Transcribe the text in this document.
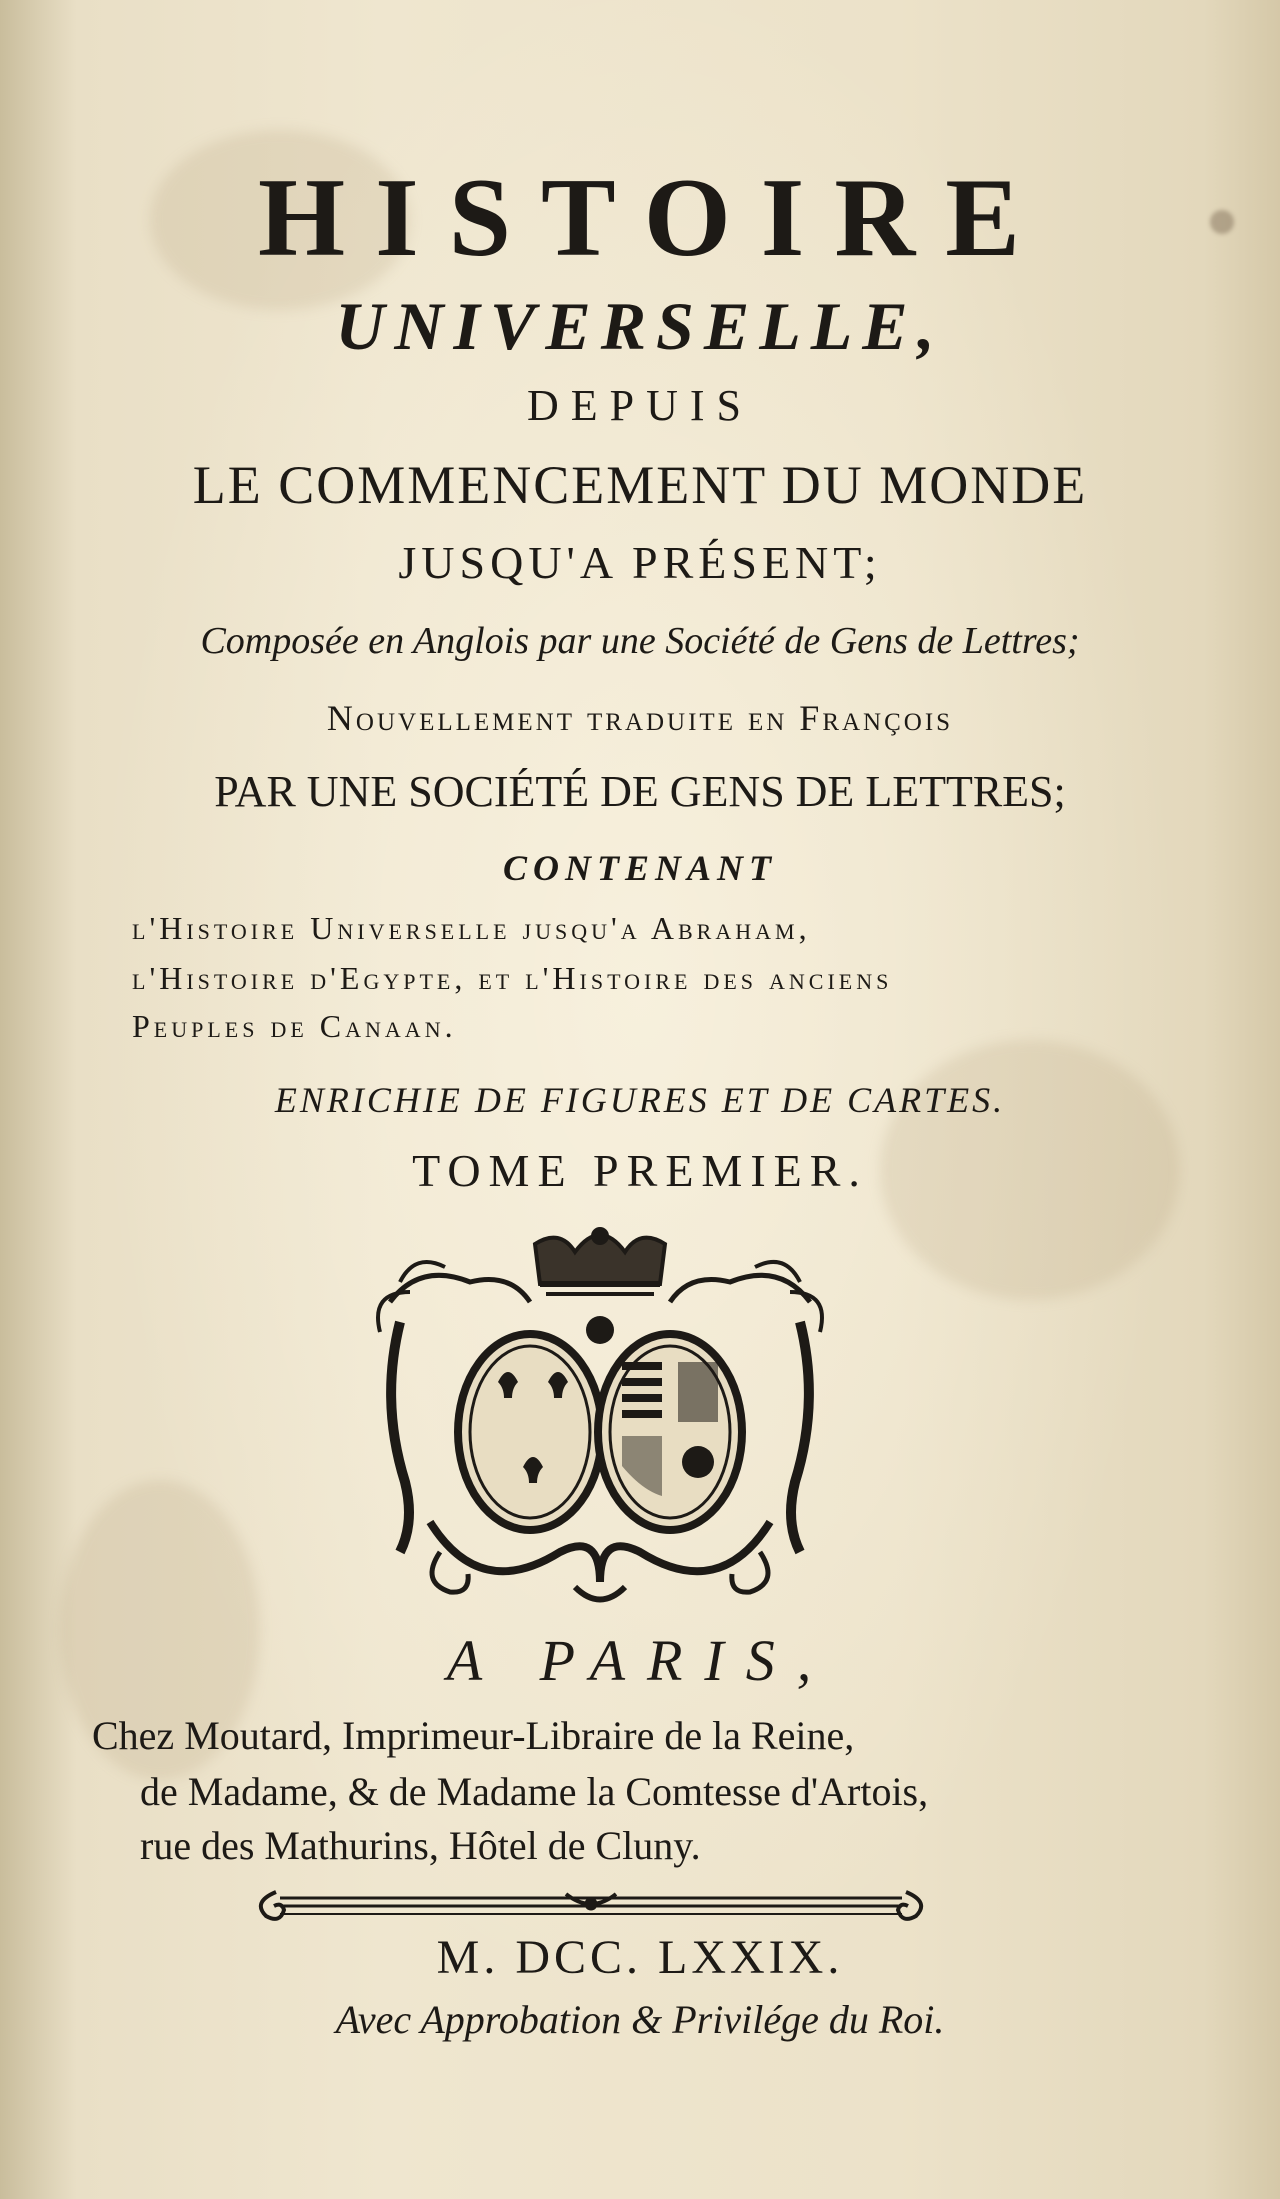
HISTOIRE
UNIVERSELLE,
DEPUIS
LE COMMENCEMENT DU MONDE
JUSQU'A PRÉSENT;
Composée en Anglois par une Société de Gens de Lettres;
Nouvellement traduite en François
PAR UNE SOCIÉTÉ DE GENS DE LETTRES;
CONTENANT
l'Histoire Universelle jusqu'a Abraham,
l'Histoire d'Egypte, et l'Histoire des anciens
Peuples de Canaan.
ENRICHIE DE FIGURES ET DE CARTES.
TOME PREMIER.
A PARIS,
Chez Moutard, Imprimeur-Libraire de la Reine,
de Madame, & de Madame la Comtesse d'Artois,
rue des Mathurins, Hôtel de Cluny.
M. DCC. LXXIX.
Avec Approbation & Privilége du Roi.
